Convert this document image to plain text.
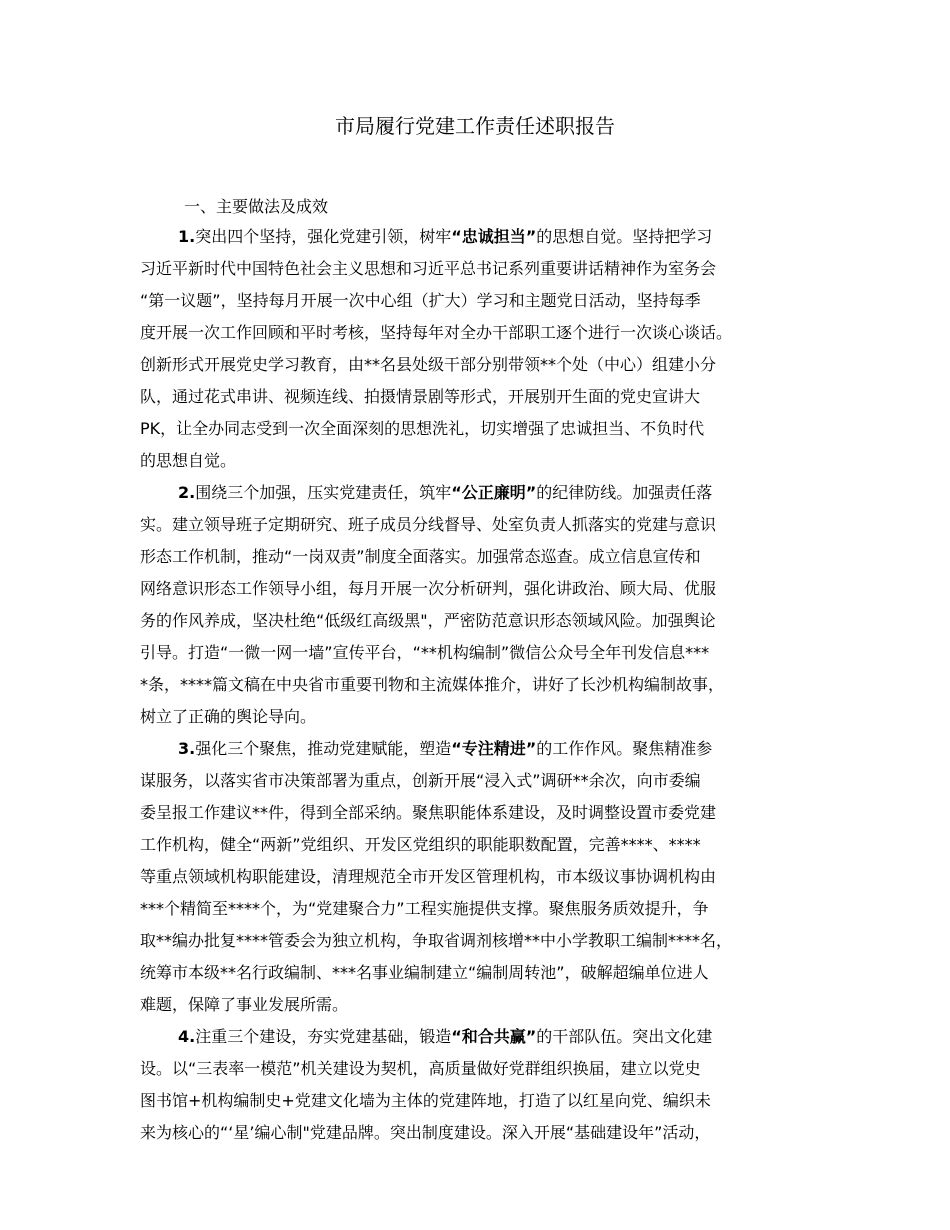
市局履行党建工作责任述职报告
一、主要做法及成效
1.突出四个坚持，强化党建引领，树牢“忠诚担当”的思想自觉。坚持把学习
习近平新时代中国特色社会主义思想和习近平总书记系列重要讲话精神作为室务会
“第一议题”，坚持每月开展一次中心组（扩大）学习和主题党日活动，坚持每季
度开展一次工作回顾和平时考核，坚持每年对全办干部职工逐个进行一次谈心谈话。
创新形式开展党史学习教育，由**名县处级干部分别带领**个处（中心）组建小分
队，通过花式串讲、视频连线、拍摄情景剧等形式，开展别开生面的党史宣讲大
PK，让全办同志受到一次全面深刻的思想洗礼，切实增强了忠诚担当、不负时代
的思想自觉。
2.围绕三个加强，压实党建责任，筑牢“公正廉明”的纪律防线。加强责任落
实。建立领导班子定期研究、班子成员分线督导、处室负责人抓落实的党建与意识
形态工作机制，推动“一岗双责”制度全面落实。加强常态巡查。成立信息宣传和
网络意识形态工作领导小组，每月开展一次分析研判，强化讲政治、顾大局、优服
务的作风养成，坚决杜绝“低级红高级黑"，严密防范意识形态领域风险。加强舆论
引导。打造“一微一网一墙”宣传平台，“**机构编制”微信公众号全年刊发信息***
*条，****篇文稿在中央省市重要刊物和主流媒体推介，讲好了长沙机构编制故事，
树立了正确的舆论导向。
3.强化三个聚焦，推动党建赋能，塑造“专注精进”的工作作风。聚焦精准参
谋服务，以落实省市决策部署为重点，创新开展“浸入式”调研**余次，向市委编
委呈报工作建议**件，得到全部采纳。聚焦职能体系建设，及时调整设置市委党建
工作机构，健全“两新”党组织、开发区党组织的职能职数配置，完善****、****
等重点领域机构职能建设，清理规范全市开发区管理机构，市本级议事协调机构由
***个精简至****个，为“党建聚合力”工程实施提供支撑。聚焦服务质效提升，争
取**编办批复****管委会为独立机构，争取省调剂核增**中小学教职工编制****名，
统筹市本级**名行政编制、***名事业编制建立“编制周转池”，破解超编单位进人
难题，保障了事业发展所需。
4.注重三个建设，夯实党建基础，锻造“和合共赢”的干部队伍。突出文化建
设。以“三表率一模范”机关建设为契机，高质量做好党群组织换届，建立以党史
图书馆+机构编制史+党建文化墙为主体的党建阵地，打造了以红星向党、编织未
来为核心的“‘星’编心制"党建品牌。突出制度建设。深入开展“基础建设年”活动，
